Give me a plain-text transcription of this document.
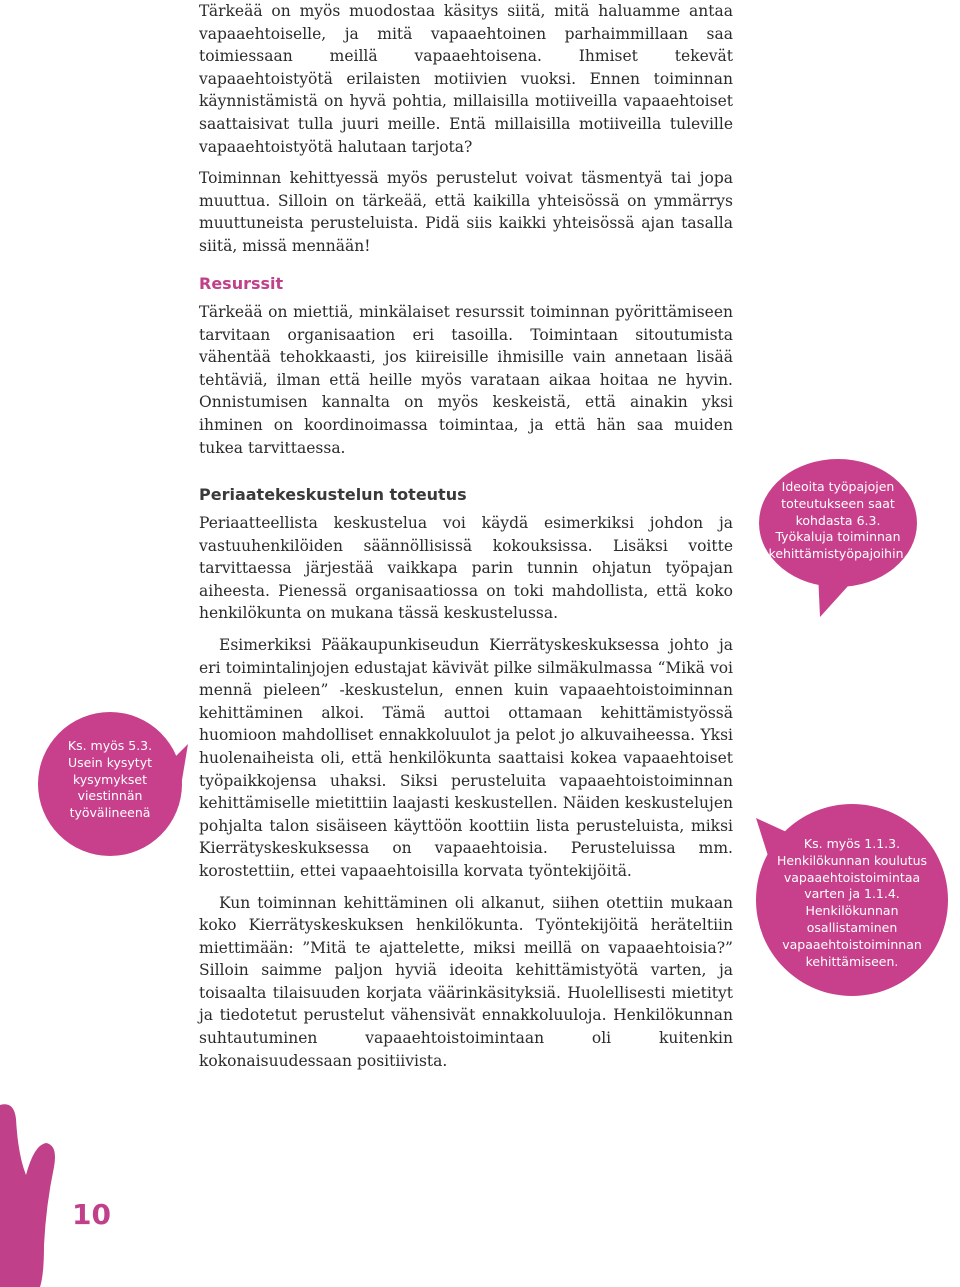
Tärkeää on myös muodostaa käsitys siitä, mitä haluamme antaa vapaaehtoiselle, ja mitä vapaaehtoinen parhaimmillaan saa toimiessaan meillä vapaaehtoisena. Ihmiset tekevät vapaaehtoistyötä erilaisten motiivien vuoksi. Ennen toiminnan käynnistämistä on hyvä pohtia, millaisilla motiiveilla vapaaehtoiset saattaisivat tulla juuri meille. Entä millaisilla motiiveilla tuleville vapaaehtoistyötä halutaan tarjota?

Toiminnan kehittyessä myös perustelut voivat täsmentyä tai jopa muuttua. Silloin on tärkeää, että kaikilla yhteisössä on ymmärrys muuttuneista perusteluista. Pidä siis kaikki yhteisössä ajan tasalla siitä, missä mennään!

Resurssit

Tärkeää on miettiä, minkälaiset resurssit toiminnan pyörittämiseen tarvitaan organisaation eri tasoilla. Toimintaan sitoutumista vähentää tehokkaasti, jos kiireisille ihmisille vain annetaan lisää tehtäviä, ilman että heille myös varataan aikaa hoitaa ne hyvin. Onnistumisen kannalta on myös keskeistä, että ainakin yksi ihminen on koordinoimassa toimintaa, ja että hän saa muiden tukea tarvittaessa.

Periaatekeskustelun toteutus

Periaatteellista keskustelua voi käydä esimerkiksi johdon ja vastuuhenkilöiden säännöllisissä kokouksissa. Lisäksi voitte tarvittaessa järjestää vaikkapa parin tunnin ohjatun työpajan aiheesta. Pienessä organisaatiossa on toki mahdollista, että koko henkilökunta on mukana tässä keskustelussa.

Esimerkiksi Pääkaupunkiseudun Kierrätyskeskuksessa johto ja eri toimintalinjojen edustajat kävivät pilke silmäkulmassa “Mikä voi mennä pieleen” -keskustelun, ennen kuin vapaaehtoistoiminnan kehittäminen alkoi. Tämä auttoi ottamaan kehittämistyössä huomioon mahdolliset ennakkoluulot ja pelot jo alkuvaiheessa. Yksi huolenaiheista oli, että henkilökunta saattaisi kokea vapaaehtoiset työpaikkojensa uhaksi. Siksi perusteluita vapaaehtoistoiminnan kehittämiselle mietittiin laajasti keskustellen. Näiden keskustelujen pohjalta talon sisäiseen käyttöön koottiin lista perusteluista, miksi Kierrätyskeskuksessa on vapaaehtoisia. Perusteluissa mm. korostettiin, ettei vapaaehtoisilla korvata työntekijöitä.

Kun toiminnan kehittäminen oli alkanut, siihen otettiin mukaan koko Kierrätyskeskuksen henkilökunta. Työntekijöitä heräteltiin miettimään: ”Mitä te ajattelette, miksi meillä on vapaaehtoisia?” Silloin saimme paljon hyviä ideoita kehittämistyötä varten, ja toisaalta tilaisuuden korjata väärinkäsityksiä. Huolellisesti mietityt ja tiedotetut perustelut vähensivät ennakkoluuloja. Henkilökunnan suhtautuminen vapaaehtoistoimintaan oli kuitenkin kokonaisuudessaan positiivista.

Ideoita työpajojen toteutukseen saat kohdasta 6.3. Työkaluja toiminnan kehittämistyöpajoihin.
Ks. myös 5.3. Usein kysytyt kysymykset viestinnän työvälineenä
Ks. myös 1.1.3. Henkilökunnan koulutus vapaaehtoistoimintaa varten ja 1.1.4. Henkilökunnan osallistaminen vapaaehtoistoiminnan kehittämiseen.
10
